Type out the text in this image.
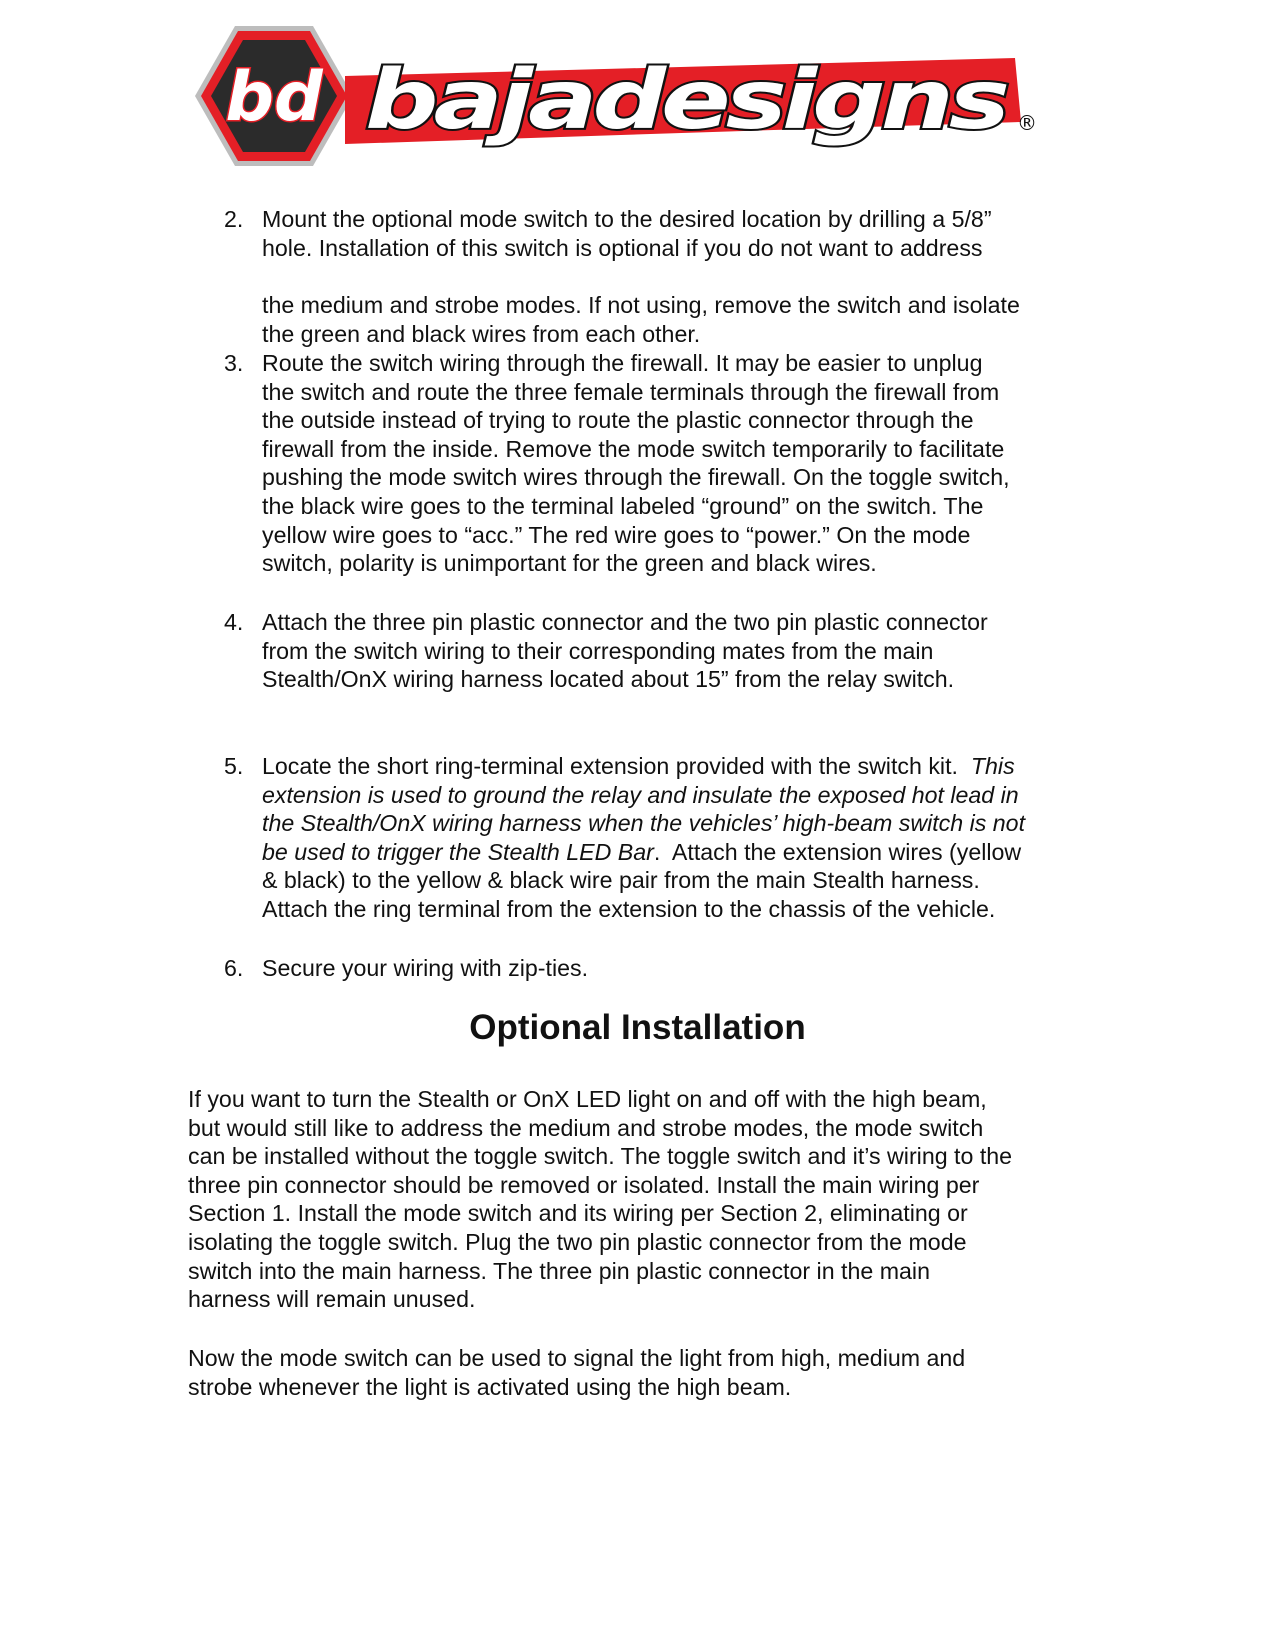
bd bajadesigns ®
2. Mount the optional mode switch to the desired location by drilling a 5/8”
hole. Installation of this switch is optional if you do not want to address
the medium and strobe modes. If not using, remove the switch and isolate
the green and black wires from each other.
3. Route the switch wiring through the firewall. It may be easier to unplug
the switch and route the three female terminals through the firewall from
the outside instead of trying to route the plastic connector through the
firewall from the inside. Remove the mode switch temporarily to facilitate
pushing the mode switch wires through the firewall. On the toggle switch,
the black wire goes to the terminal labeled “ground” on the switch. The
yellow wire goes to “acc.” The red wire goes to “power.” On the mode
switch, polarity is unimportant for the green and black wires.
4. Attach the three pin plastic connector and the two pin plastic connector
from the switch wiring to their corresponding mates from the main
Stealth/OnX wiring harness located about 15” from the relay switch.
5. Locate the short ring-terminal extension provided with the switch kit.  This
extension is used to ground the relay and insulate the exposed hot lead in
the Stealth/OnX wiring harness when the vehicles’ high-beam switch is not
be used to trigger the Stealth LED Bar.  Attach the extension wires (yellow
& black) to the yellow & black wire pair from the main Stealth harness.
Attach the ring terminal from the extension to the chassis of the vehicle.
6. Secure your wiring with zip-ties.
Optional Installation
If you want to turn the Stealth or OnX LED light on and off with the high beam,
but would still like to address the medium and strobe modes, the mode switch
can be installed without the toggle switch. The toggle switch and it’s wiring to the
three pin connector should be removed or isolated. Install the main wiring per
Section 1. Install the mode switch and its wiring per Section 2, eliminating or
isolating the toggle switch. Plug the two pin plastic connector from the mode
switch into the main harness. The three pin plastic connector in the main
harness will remain unused.
Now the mode switch can be used to signal the light from high, medium and
strobe whenever the light is activated using the high beam.
